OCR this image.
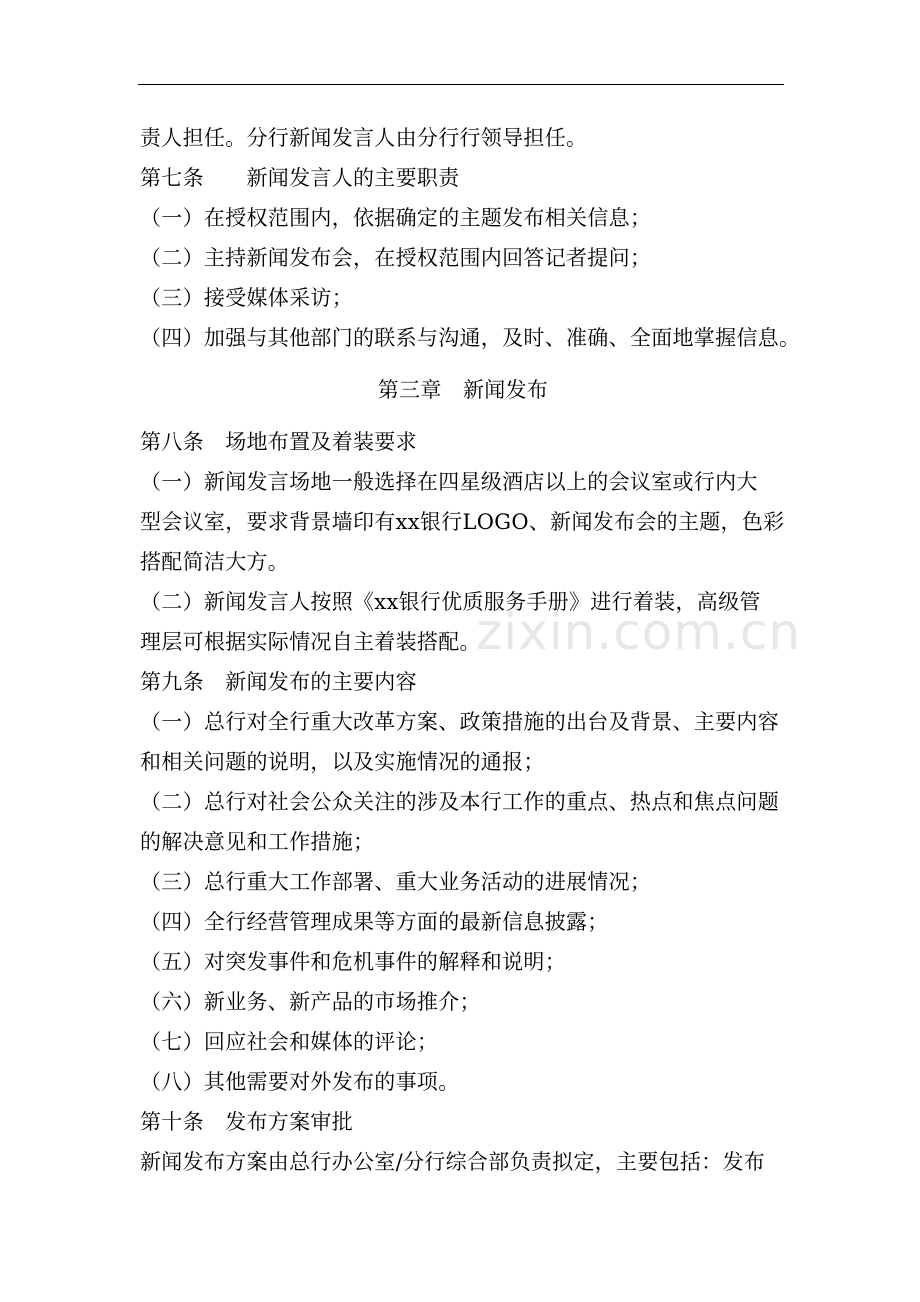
责人担任。分行新闻发言人由分行行领导担任。
第七条　　新闻发言人的主要职责
（一）在授权范围内，依据确定的主题发布相关信息；
（二）主持新闻发布会，在授权范围内回答记者提问；
（三）接受媒体采访；
（四）加强与其他部门的联系与沟通，及时、准确、全面地掌握信息。
第三章　新闻发布
第八条　场地布置及着装要求
（一）新闻发言场地一般选择在四星级酒店以上的会议室或行内大
型会议室，要求背景墙印有xx银行LOGO、新闻发布会的主题，色彩
搭配简洁大方。
（二）新闻发言人按照《xx银行优质服务手册》进行着装，高级管
理层可根据实际情况自主着装搭配。
第九条　新闻发布的主要内容
（一）总行对全行重大改革方案、政策措施的出台及背景、主要内容
和相关问题的说明，以及实施情况的通报；
（二）总行对社会公众关注的涉及本行工作的重点、热点和焦点问题
的解决意见和工作措施；
（三）总行重大工作部署、重大业务活动的进展情况；
（四）全行经营管理成果等方面的最新信息披露；
（五）对突发事件和危机事件的解释和说明；
（六）新业务、新产品的市场推介；
（七）回应社会和媒体的评论；
（八）其他需要对外发布的事项。
第十条　发布方案审批
新闻发布方案由总行办公室/分行综合部负责拟定，主要包括：发布
zixin.com.cn
